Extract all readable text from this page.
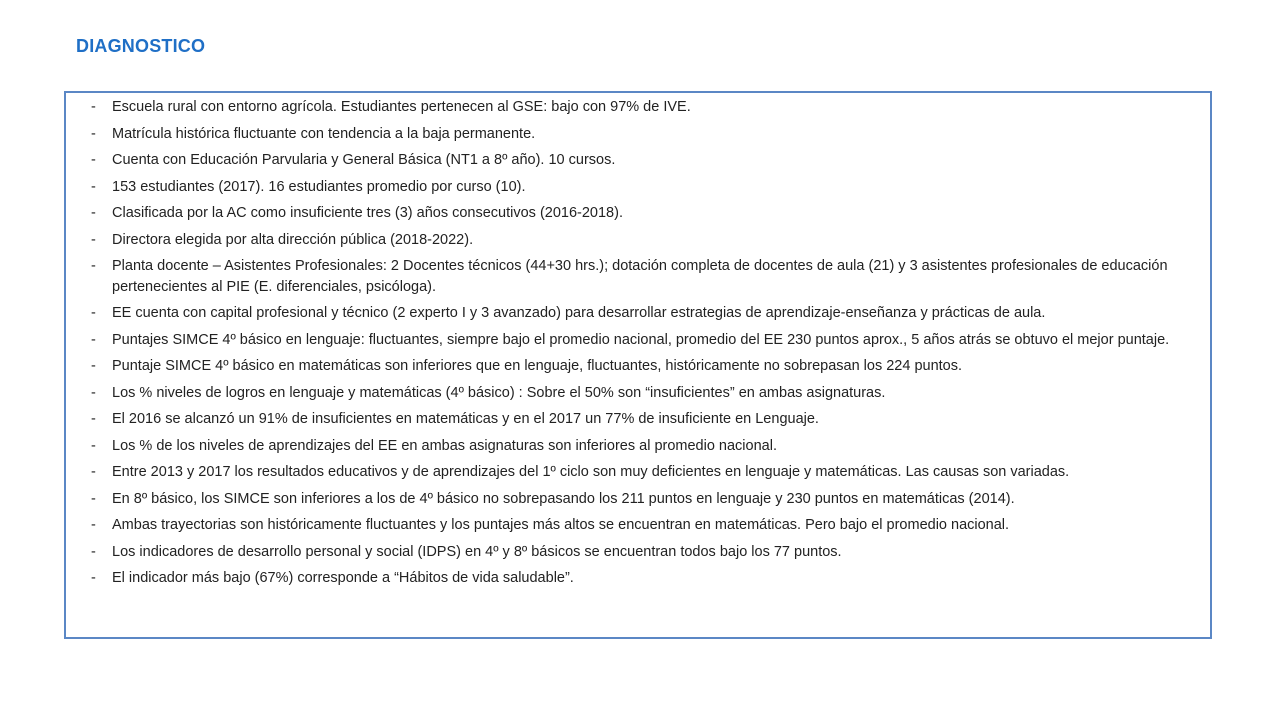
DIAGNOSTICO
- Escuela rural con entorno agrícola. Estudiantes pertenecen al GSE: bajo con 97% de IVE.
- Matrícula histórica fluctuante con tendencia a la baja permanente.
- Cuenta con Educación Parvularia y General Básica (NT1 a 8º año). 10 cursos.
- 153 estudiantes (2017). 16 estudiantes promedio por curso (10).
- Clasificada por la AC como insuficiente tres (3) años consecutivos (2016-2018).
- Directora elegida por alta dirección pública (2018-2022).
- Planta docente – Asistentes Profesionales: 2 Docentes técnicos (44+30 hrs.); dotación completa de docentes de aula (21) y 3 asistentes profesionales de educación pertenecientes al PIE (E. diferenciales, psicóloga).
- EE cuenta con capital profesional y técnico (2 experto I y 3 avanzado) para desarrollar estrategias de aprendizaje-enseñanza y prácticas de aula.
- Puntajes SIMCE 4º básico en lenguaje: fluctuantes, siempre bajo el promedio nacional, promedio del EE 230 puntos aprox., 5 años atrás se obtuvo el mejor puntaje.
- Puntaje SIMCE 4º básico en matemáticas son inferiores que en lenguaje, fluctuantes, históricamente no sobrepasan los 224 puntos.
- Los % niveles de logros en lenguaje y matemáticas (4º básico) : Sobre el 50% son “insuficientes” en ambas asignaturas.
- El 2016 se alcanzó un 91% de insuficientes en matemáticas y en el 2017 un 77% de insuficiente en Lenguaje.
- Los % de los niveles de aprendizajes del EE en ambas asignaturas son inferiores al promedio nacional.
- Entre 2013 y 2017 los resultados educativos y de aprendizajes del 1º ciclo son muy deficientes en lenguaje y matemáticas. Las causas son variadas.
- En 8º básico, los SIMCE son inferiores a los de 4º básico no sobrepasando los 211 puntos en lenguaje y 230 puntos en matemáticas (2014).
- Ambas trayectorias son históricamente fluctuantes y los puntajes más altos se encuentran en matemáticas. Pero bajo el promedio nacional.
- Los indicadores de desarrollo personal y social (IDPS) en 4º y 8º básicos se encuentran todos bajo los 77 puntos.
- El indicador más bajo (67%) corresponde a “Hábitos de vida saludable”.
